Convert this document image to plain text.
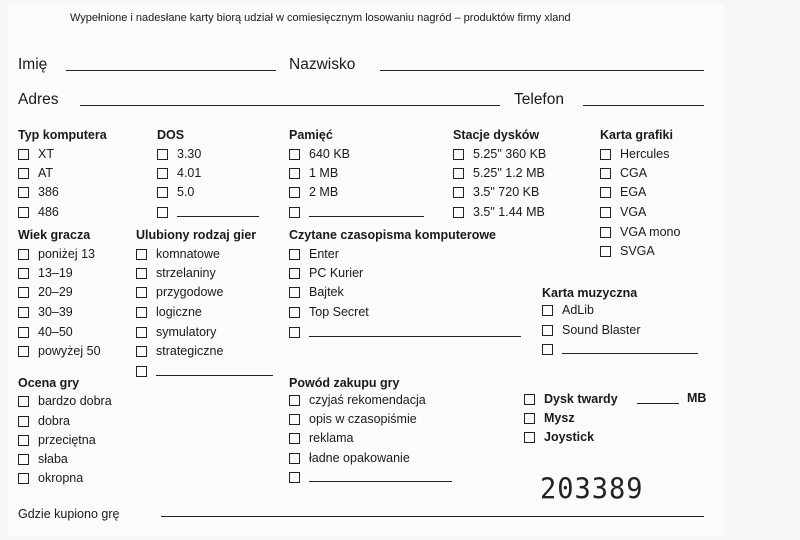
Wypełnione i nadesłane karty biorą udział w comiesięcznym losowaniu nagród – produktów firmy xland
Imię	Nazwisko
Adres	Telefon
Typ komputera
XT
AT
386
486
DOS
3.30
4.01
5.0
Pamięć
640 KB
1 MB
2 MB
Stacje dysków
5.25" 360 KB
5.25" 1.2 MB
3.5" 720 KB
3.5" 1.44 MB
Karta grafiki
Hercules
CGA
EGA
VGA
VGA mono
SVGA
Wiek gracza
poniżej 13
13–19
20–29
30–39
40–50
powyżej 50
Ulubiony rodzaj gier
komnatowe
strzelaniny
przygodowe
logiczne
symulatory
strategiczne
Czytane czasopisma komputerowe
Enter
PC Kurier
Bajtek
Top Secret
Karta muzyczna
AdLib
Sound Blaster
Ocena gry
bardzo dobra
dobra
przeciętna
słaba
okropna
Powód zakupu gry
czyjaś rekomendacja
opis w czasopiśmie
reklama
ładne opakowanie
Dysk twardy	MB
Mysz
Joystick
203389
Gdzie kupiono grę
